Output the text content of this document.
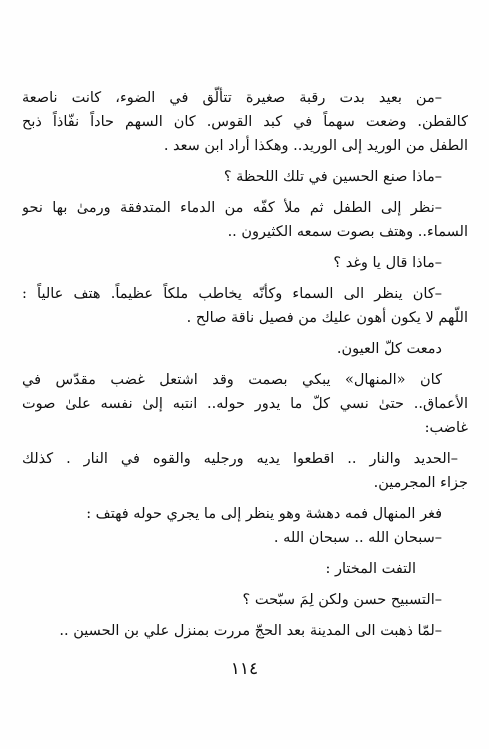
–من بعيد بدت رقبة صغيرة تتألّق في الضوء، كانت ناصعة
كالقطن. وضعت سهماً في كبد القوس. كان السهم حاداً نفّاذاً ذبح
الطفل من الوريد إلى الوريد.. وهكذا أراد ابن سعد .
–ماذا صنع الحسين في تلك اللحظة ؟
–نظر إلى الطفل ثم ملأ كفّه من الدماء المتدفقة ورمىٰ بها نحو
السماء.. وهتف بصوت سمعه الكثيرون ..
–ماذا قال يا وغد ؟
–كان ينظر الى السماء وكأنّه يخاطب ملكاً عظيماً. هتف عالياً :
اللّهم لا يكون أهون عليك من فصيل ناقة صالح .
دمعت كلّ العيون.
كان «المنهال» يبكي بصمت وقد اشتعل غضب مقدّس في
الأعماق.. حتىٰ نسي كلّ ما يدور حوله.. انتبه إلىٰ نفسه علىٰ صوت
غاضب:
–الحديد والنار .. اقطعوا يديه ورجليه والقوه في النار . كذلك
جزاء المجرمين.
فغر المنهال فمه دهشة وهو ينظر إلى ما يجري حوله فهتف :
–سبحان الله .. سبحان الله .
التفت المختار :
–التسبيح حسن ولكن لِمَ سبّحت ؟
–لمّا ذهبت الى المدينة بعد الحجّ مررت بمنزل علي بن الحسين ..
١١٤
